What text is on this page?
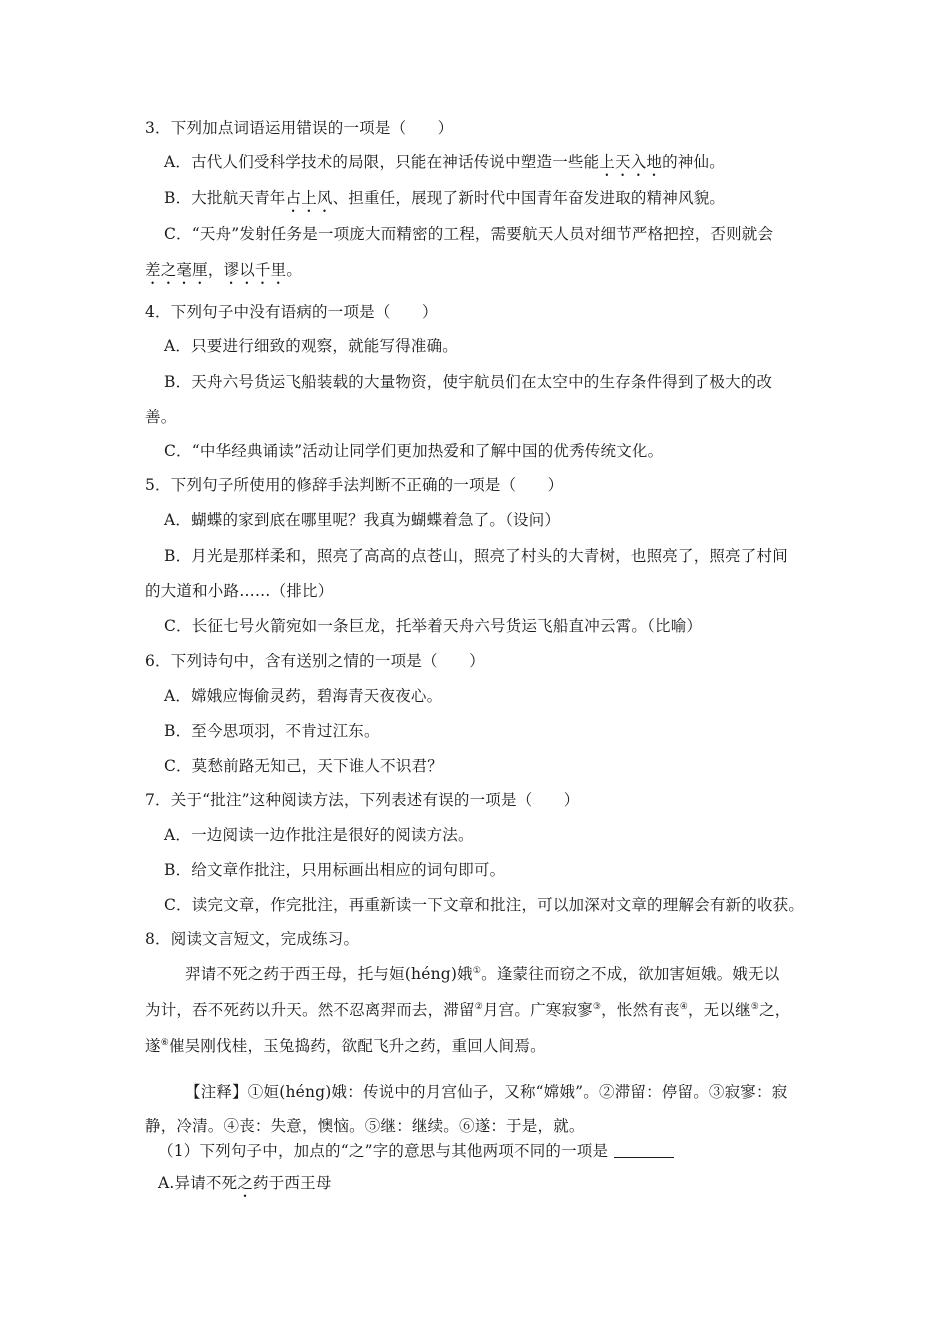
3．下列加点词语运用错误的一项是（　　）
A．古代人们受科学技术的局限，只能在神话传说中塑造一些能上天入地的神仙。
B．大批航天青年占上风、担重任，展现了新时代中国青年奋发进取的精神风貌。
C．“天舟”发射任务是一项庞大而精密的工程，需要航天人员对细节严格把控，否则就会
差之毫厘，谬以千里。
4．下列句子中没有语病的一项是（　　）
A．只要进行细致的观察，就能写得准确。
B．天舟六号货运飞船装载的大量物资，使宇航员们在太空中的生存条件得到了极大的改
善。
C．“中华经典诵读”活动让同学们更加热爱和了解中国的优秀传统文化。
5．下列句子所使用的修辞手法判断不正确的一项是（　　）
A．蝴蝶的家到底在哪里呢？我真为蝴蝶着急了。（设问）
B．月光是那样柔和，照亮了高高的点苍山，照亮了村头的大青树，也照亮了，照亮了村间
的大道和小路……（排比）
C．长征七号火箭宛如一条巨龙，托举着天舟六号货运飞船直冲云霄。（比喻）
6．下列诗句中，含有送别之情的一项是（　　）
A．嫦娥应悔偷灵药，碧海青天夜夜心。
B．至今思项羽，不肯过江东。
C．莫愁前路无知己，天下谁人不识君？
7．关于“批注”这种阅读方法，下列表述有误的一项是（　　）
A．一边阅读一边作批注是很好的阅读方法。
B．给文章作批注，只用标画出相应的词句即可。
C．读完文章，作完批注，再重新读一下文章和批注，可以加深对文章的理解会有新的收获。
8．阅读文言短文，完成练习。
羿请不死之药于西王母，托与姮(héng)娥①。逢蒙往而窃之不成，欲加害姮娥。娥无以
为计，吞不死药以升天。然不忍离羿而去，滞留②月宫。广寒寂寥③，怅然有丧④，无以继⑤之，
遂⑥催吴刚伐桂，玉兔捣药，欲配飞升之药，重回人间焉。
【注释】①姮(héng)娥：传说中的月宫仙子，又称“嫦娥”。②滞留：停留。③寂寥：寂
静，冷清。④丧：失意，懊恼。⑤继：继续。⑥遂：于是，就。
（1）下列句子中，加点的“之”字的意思与其他两项不同的一项是
A.异请不死之药于西王母
